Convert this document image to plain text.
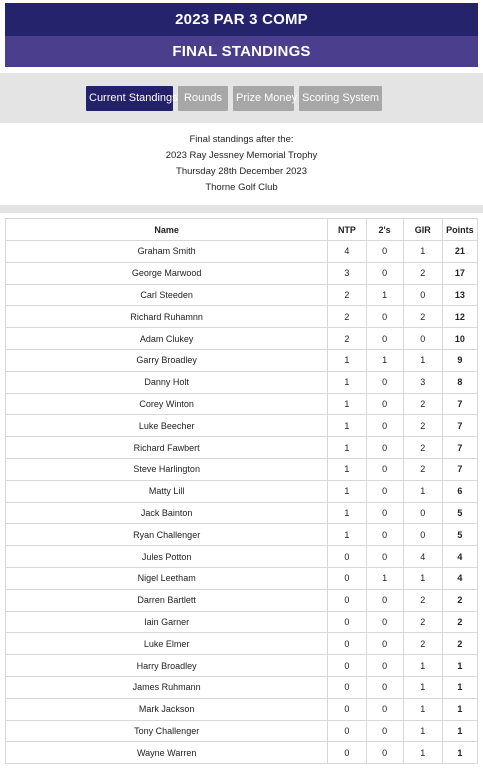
2023 PAR 3 COMP
FINAL STANDINGS
Current Standings Rounds	Prize Money Scoring System
Final standings after the:
2023 Ray Jessney Memorial Trophy
Thursday 28th December 2023
Thorne Golf Club
Name	NTP	2's	GIR	Points
Graham Smith	4	0	1	21
George Marwood	3	0	2	17
Carl Steeden	2	1	0	13
Richard Ruhamnn	2	0	2	12
Adam Clukey	2	0	0	10
Garry Broadley	1	1	1	9
Danny Holt	1	0	3	8
Corey Winton	1	0	2	7
Luke Beecher	1	0	2	7
Richard Fawbert	1	0	2	7
Steve Harlington	1	0	2	7
Matty Lill	1	0	1	6
Jack Bainton	1	0	0	5
Ryan Challenger	1	0	0	5
Jules Potton	0	0	4	4
Nigel Leetham	0	1	1	4
Darren Bartlett	0	0	2	2
Iain Garner	0	0	2	2
Luke Elmer	0	0	2	2
Harry Broadley	0	0	1	1
James Ruhmann	0	0	1	1
Mark Jackson	0	0	1	1
Tony Challenger	0	0	1	1
Wayne Warren	0	0	1	1
